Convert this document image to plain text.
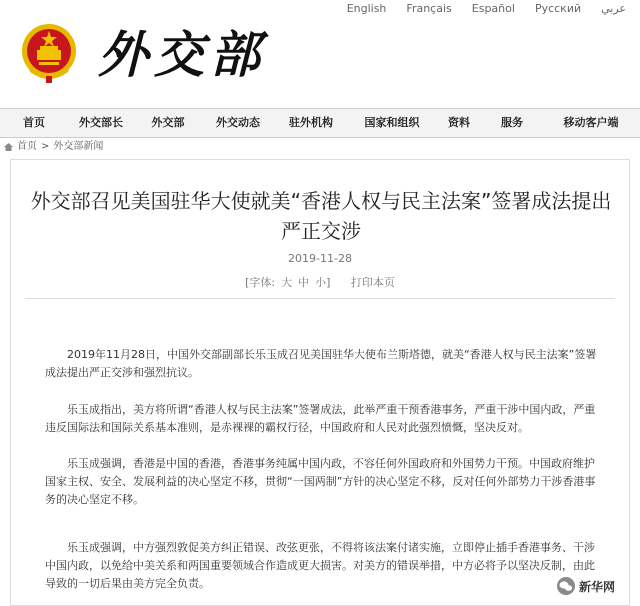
外交部
English Français Español Русский عربي
首页	外交部长	外交部	外交动态	驻外机构	国家和组织	资料	服务	移动客户端
首页 > 外交部新闻
外交部召见美国驻华大使就美“香港人权与民主法案”签署成法提出严正交涉
2019-11-28
[字体: 大 中 小] 打印本页
2019年11月28日，中国外交部副部长乐玉成召见美国驻华大使布兰斯塔德，就美“香港人权与民主法案”签署成法提出严正交涉和强烈抗议。
乐玉成指出，美方将所谓“香港人权与民主法案”签署成法，此举严重干预香港事务，严重干涉中国内政，严重违反国际法和国际关系基本准则，是赤裸裸的霸权行径，中国政府和人民对此强烈愤慨，坚决反对。
乐玉成强调，香港是中国的香港，香港事务纯属中国内政，不容任何外国政府和外国势力干预。中国政府维护国家主权、安全、发展利益的决心坚定不移，贯彻“一国两制”方针的决心坚定不移，反对任何外部势力干涉香港事务的决心坚定不移。
乐玉成强调，中方强烈敦促美方纠正错误、改弦更张，不得将该法案付诸实施，立即停止插手香港事务、干涉中国内政，以免给中美关系和两国重要领域合作造成更大损害。对美方的错误举措，中方必将予以坚决反制，由此导致的一切后果由美方完全负责。	新华网
